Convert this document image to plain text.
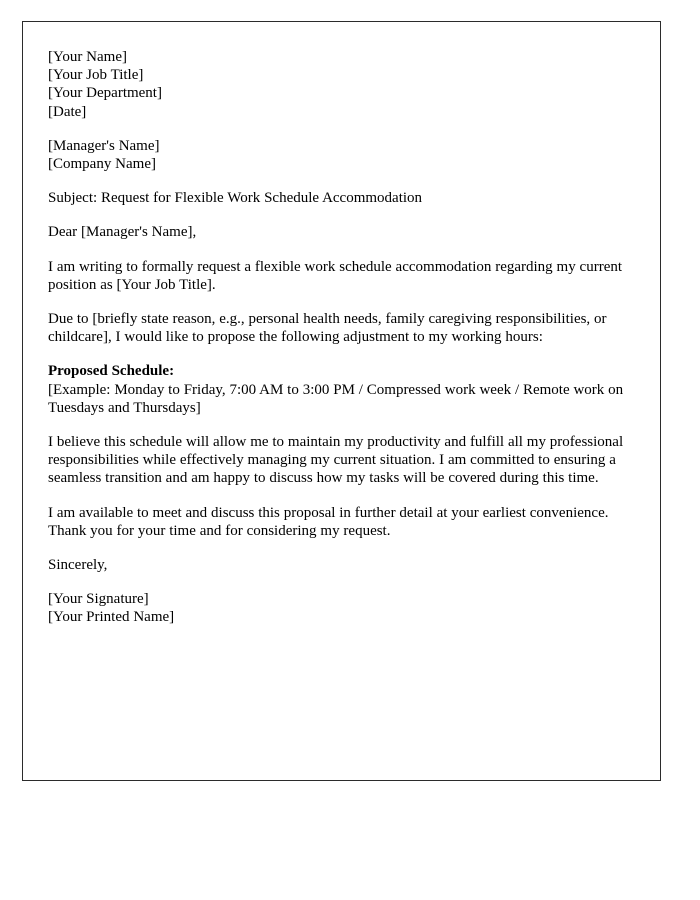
[Your Name]
[Your Job Title]
[Your Department]
[Date]
[Manager's Name]
[Company Name]
Subject: Request for Flexible Work Schedule Accommodation
Dear [Manager's Name],
I am writing to formally request a flexible work schedule accommodation regarding my current position as [Your Job Title].
Due to [briefly state reason, e.g., personal health needs, family caregiving responsibilities, or childcare], I would like to propose the following adjustment to my working hours:
Proposed Schedule:
[Example: Monday to Friday, 7:00 AM to 3:00 PM / Compressed work week / Remote work on Tuesdays and Thursdays]
I believe this schedule will allow me to maintain my productivity and fulfill all my professional responsibilities while effectively managing my current situation. I am committed to ensuring a seamless transition and am happy to discuss how my tasks will be covered during this time.
I am available to meet and discuss this proposal in further detail at your earliest convenience. Thank you for your time and for considering my request.
Sincerely,
[Your Signature]
[Your Printed Name]
